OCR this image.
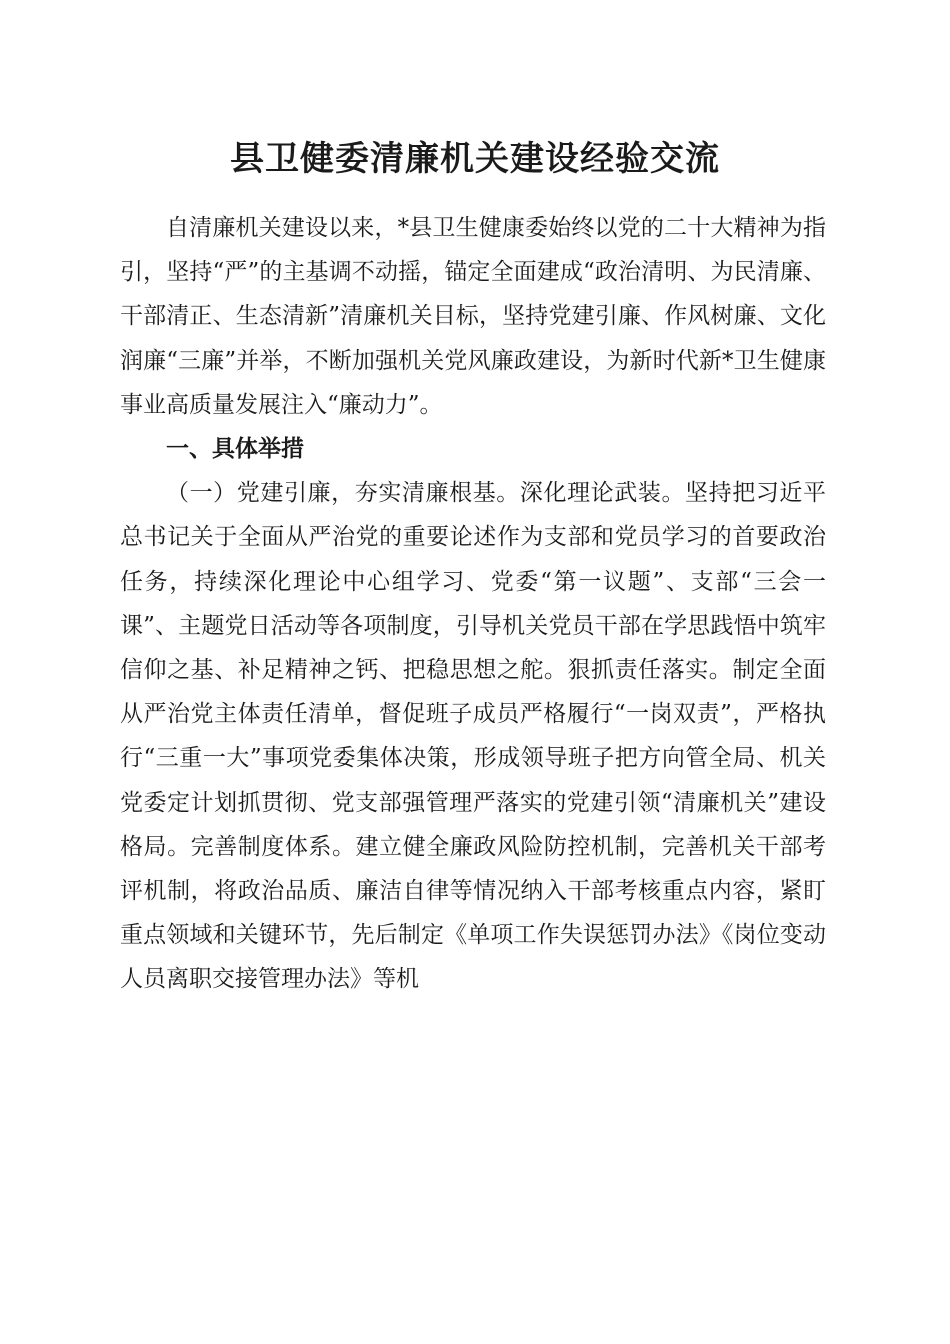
县卫健委清廉机关建设经验交流

自清廉机关建设以来，*县卫生健康委始终以党的二十大精神为指引，坚持“严”的主基调不动摇，锚定全面建成“政治清明、为民清廉、干部清正、生态清新”清廉机关目标，坚持党建引廉、作风树廉、文化润廉“三廉”并举，不断加强机关党风廉政建设，为新时代新*卫生健康事业高质量发展注入“廉动力”。

一、具体举措

（一）党建引廉，夯实清廉根基。深化理论武装。坚持把习近平总书记关于全面从严治党的重要论述作为支部和党员学习的首要政治任务，持续深化理论中心组学习、党委“第一议题”、支部“三会一课”、主题党日活动等各项制度，引导机关党员干部在学思践悟中筑牢信仰之基、补足精神之钙、把稳思想之舵。狠抓责任落实。制定全面从严治党主体责任清单，督促班子成员严格履行“一岗双责”，严格执行“三重一大”事项党委集体决策，形成领导班子把方向管全局、机关党委定计划抓贯彻、党支部强管理严落实的党建引领“清廉机关”建设格局。完善制度体系。建立健全廉政风险防控机制，完善机关干部考评机制，将政治品质、廉洁自律等情况纳入干部考核重点内容，紧盯重点领域和关键环节，先后制定《单项工作失误惩罚办法》《岗位变动人员离职交接管理办法》等机
